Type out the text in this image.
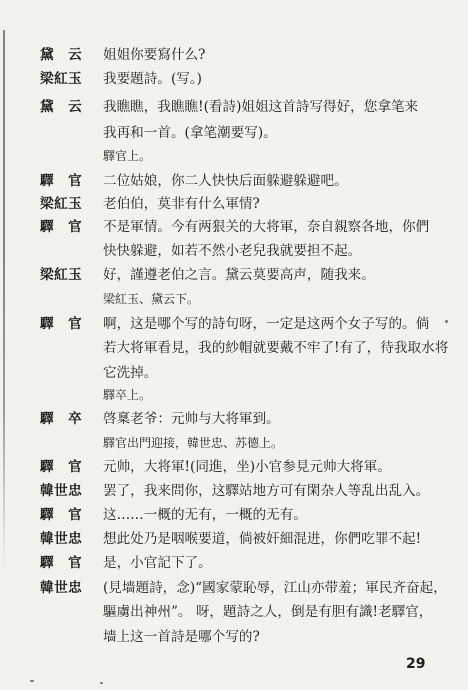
黛　云	姐姐你要寫什么?
梁紅玉	我要題詩。(写。)
黛　云	我瞧瞧，我瞧瞧!(看詩)姐姐这首詩写得好，您拿笔来
我再和一首。(拿笔潮要写)。
驛官上。
驛　官	二位姑娘，你二人快快后面躲避躲避吧。
梁紅玉	老伯伯，莫非有什么軍情?
驛　官	不是軍情。今有两狠关的大将軍，奈自親察各地，你們
快快躲避，如若不然小老兒我就要担不起。
梁紅玉	好，謹遵老伯之言。黛云莫要高声，随我来。
梁紅玉、黛云下。
驛　官	啊，这是哪个写的詩句呀，一定是这两个女子写的。倘
若大将軍看見，我的紗帽就要戴不牢了!有了，待我取水将
它洗掉。
驛卒上。
驛　卒	啓稟老爷：元帅与大将軍到。
驛官出門迎接，韓世忠、苏德上。
驛　官	元帅，大将軍!(同進，坐)小官参見元帅大将軍。
韓世忠	罢了，我来問你，这驛站地方可有閑杂人等乱出乱入。
驛　官	这……一概的无有，一概的无有。
韓世忠	想此处乃是咽喉要道，倘被奸細混进，你們吃罪不起!
驛　官	是，小官記下了。
韓世忠	(見墙題詩，念)“國家蒙恥辱，江山亦带羞；軍民齐奋起，
驅虜出神州”。 呀，題詩之人，倒是有胆有識!老驛官，
墙上这一首詩是哪个写的?
29
